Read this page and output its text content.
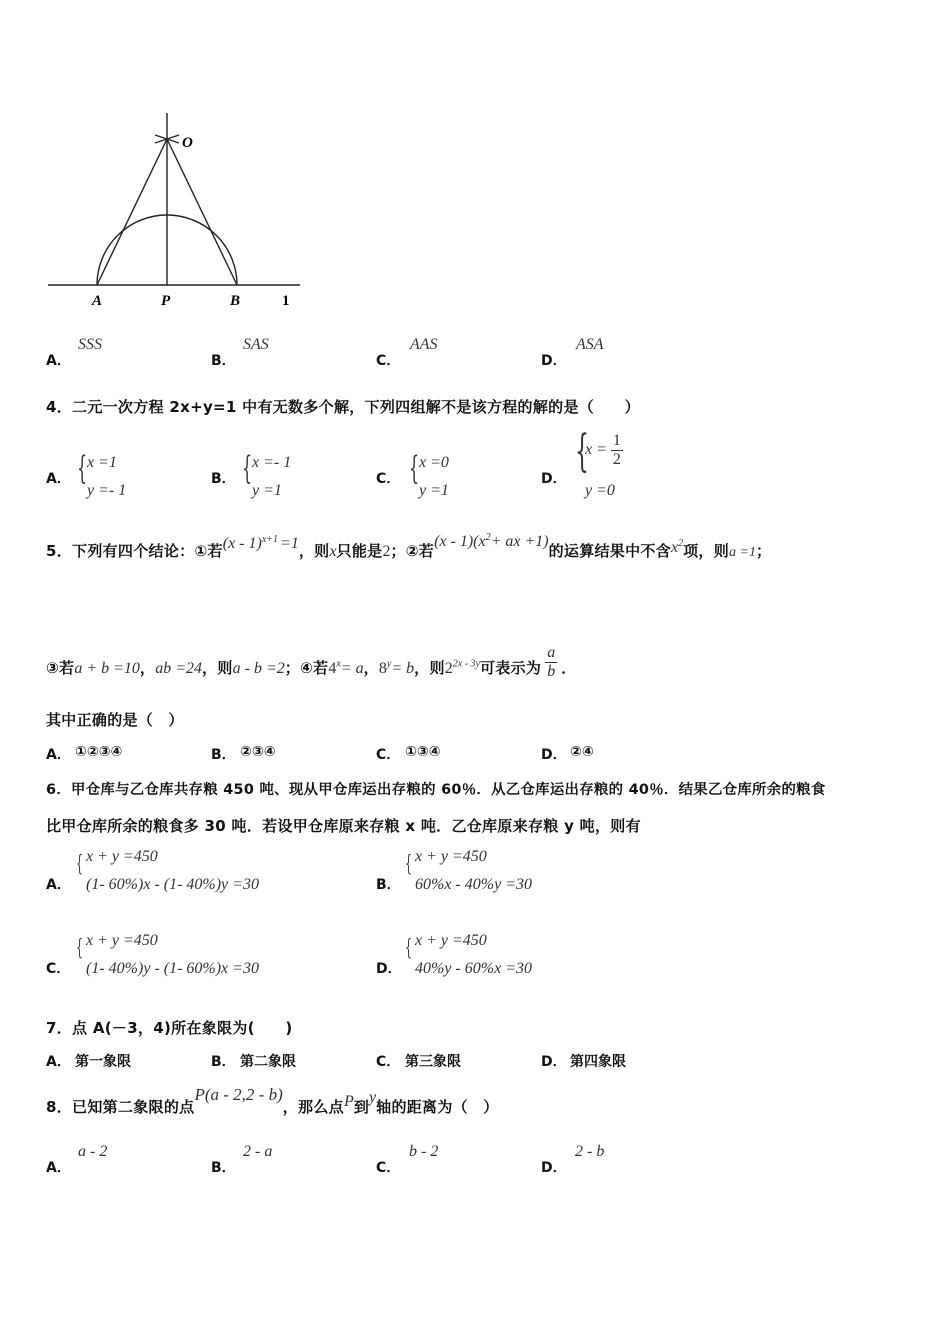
O
A	P	B	1
A．
SSS
B．
SAS
C．
AAS
D．
ASA
4．二元一次方程 2x+y=1 中有无数多个解，下列四组解不是该方程的解的是（　　）
A． { x =1
y =- 1
B． { x =- 1
y =1
C． { x =0
y =1
D．
{
$x = \frac{1}{2}$
y =0
5．下列有四个结论：①若(x - 1)$^{x+1}$ =1，则x只能是2；②若$(x - 1)(x^2+$ ax +1)的运算结果中不含$x^2$项，则a =1；
③若a + b =10，ab =24，则a - b =2；④若$4^x= a$，$8^y= b$，则$2^{2x - 3y}$可表示为 $\frac{a}{b}$ ．
其中正确的是（　）
A． ①②③④	B． ②③④	C． ①③④	D． ②④
6．甲仓库与乙仓库共存粮 450 吨、现从甲仓库运出存粮的 60％．从乙仓库运出存粮的 40％．结果乙仓库所余的粮食
比甲仓库所余的粮食多 30 吨．若设甲仓库原来存粮 x 吨．乙仓库原来存粮 y 吨，则有
A．
{ x + y =450
(1- 60%)x - (1- 40%)y =30	B．
{ x + y =450
60%x - 40%y =30
C．
{ x + y =450
(1- 40%)y - (1- 60%)x =30	D．
{ x + y =450
40%y - 60%x =30
7．点 A(－3，4)所在象限为(　　)
A． 第一象限	B． 第二象限	C． 第三象限	D． 第四象限
8．已知第二象限的点P(a - 2,2 - b)，那么点P到y轴的距离为（　）
A．
a - 2
B．
2 - a
C．
b - 2
D．
2 - b
